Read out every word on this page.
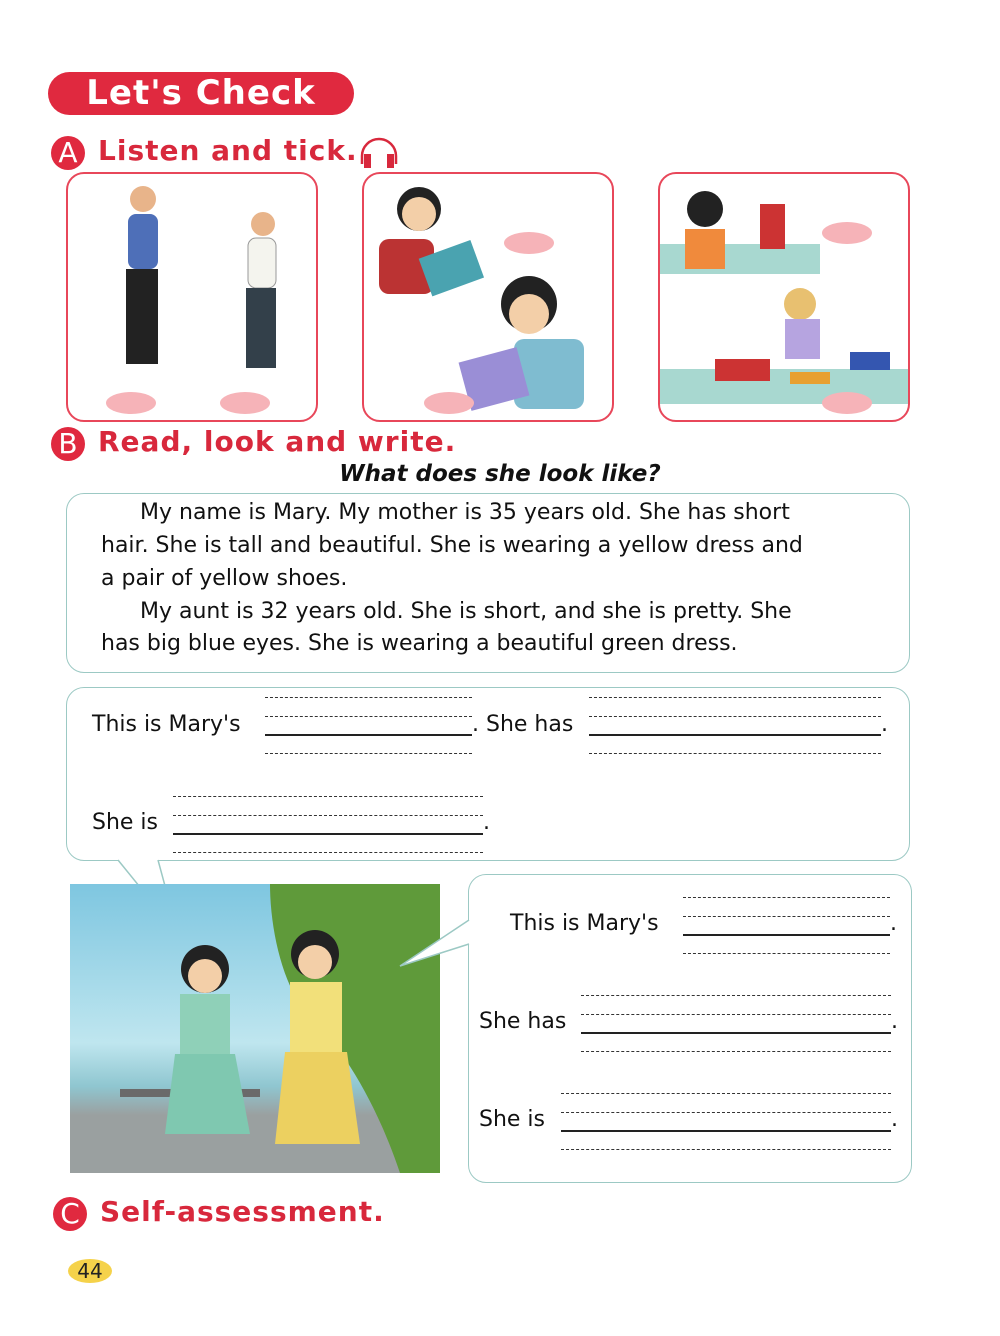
Let's Check
A Listen and tick.
B Read, look and write.
What does she look like?
My name is Mary. My mother is 35 years old. She has short
hair. She is tall and beautiful. She is wearing a yellow dress and
a pair of yellow shoes.
My aunt is 32 years old. She is short, and she is pretty. She
has big blue eyes. She is wearing a beautiful green dress.
This is Mary's	. She has	.
She is	.
This is Mary's	.
She has	.
She is	.
C Self-assessment.
44
